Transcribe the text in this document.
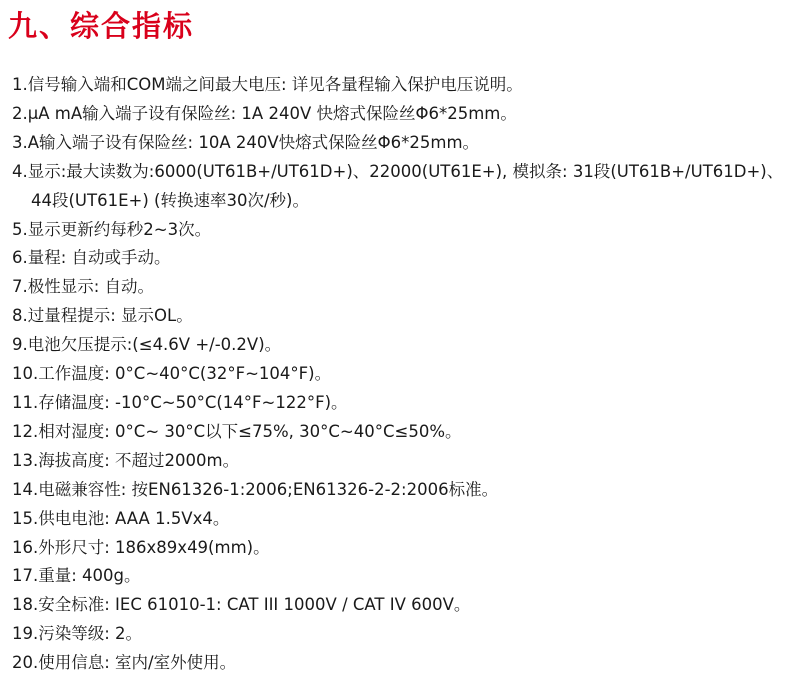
九、综合指标
1.信号输入端和COM端之间最大电压: 详见各量程输入保护电压说明。
2.μA mA输入端子设有保险丝: 1A 240V 快熔式保险丝Φ6*25mm。
3.A输入端子设有保险丝: 10A 240V快熔式保险丝Φ6*25mm。
4.显示:最大读数为:6000(UT61B+/UT61D+)、22000(UT61E+), 模拟条: 31段(UT61B+/UT61D+)、
44段(UT61E+) (转换速率30次/秒)。
5.显示更新约每秒2~3次。
6.量程: 自动或手动。
7.极性显示: 自动。
8.过量程提示: 显示OL。
9.电池欠压提示:(≤4.6V +/-0.2V)。
10.工作温度: 0°C~40°C(32°F~104°F)。
11.存储温度: -10°C~50°C(14°F~122°F)。
12.相对湿度: 0°C~ 30°C以下≤75%, 30°C~40°C≤50%。
13.海拔高度: 不超过2000m。
14.电磁兼容性: 按EN61326-1:2006;EN61326-2-2:2006标准。
15.供电电池: AAA 1.5Vx4。
16.外形尺寸: 186x89x49(mm)。
17.重量: 400g。
18.安全标准: IEC 61010-1: CAT III 1000V / CAT IV 600V。
19.污染等级: 2。
20.使用信息: 室内/室外使用。
